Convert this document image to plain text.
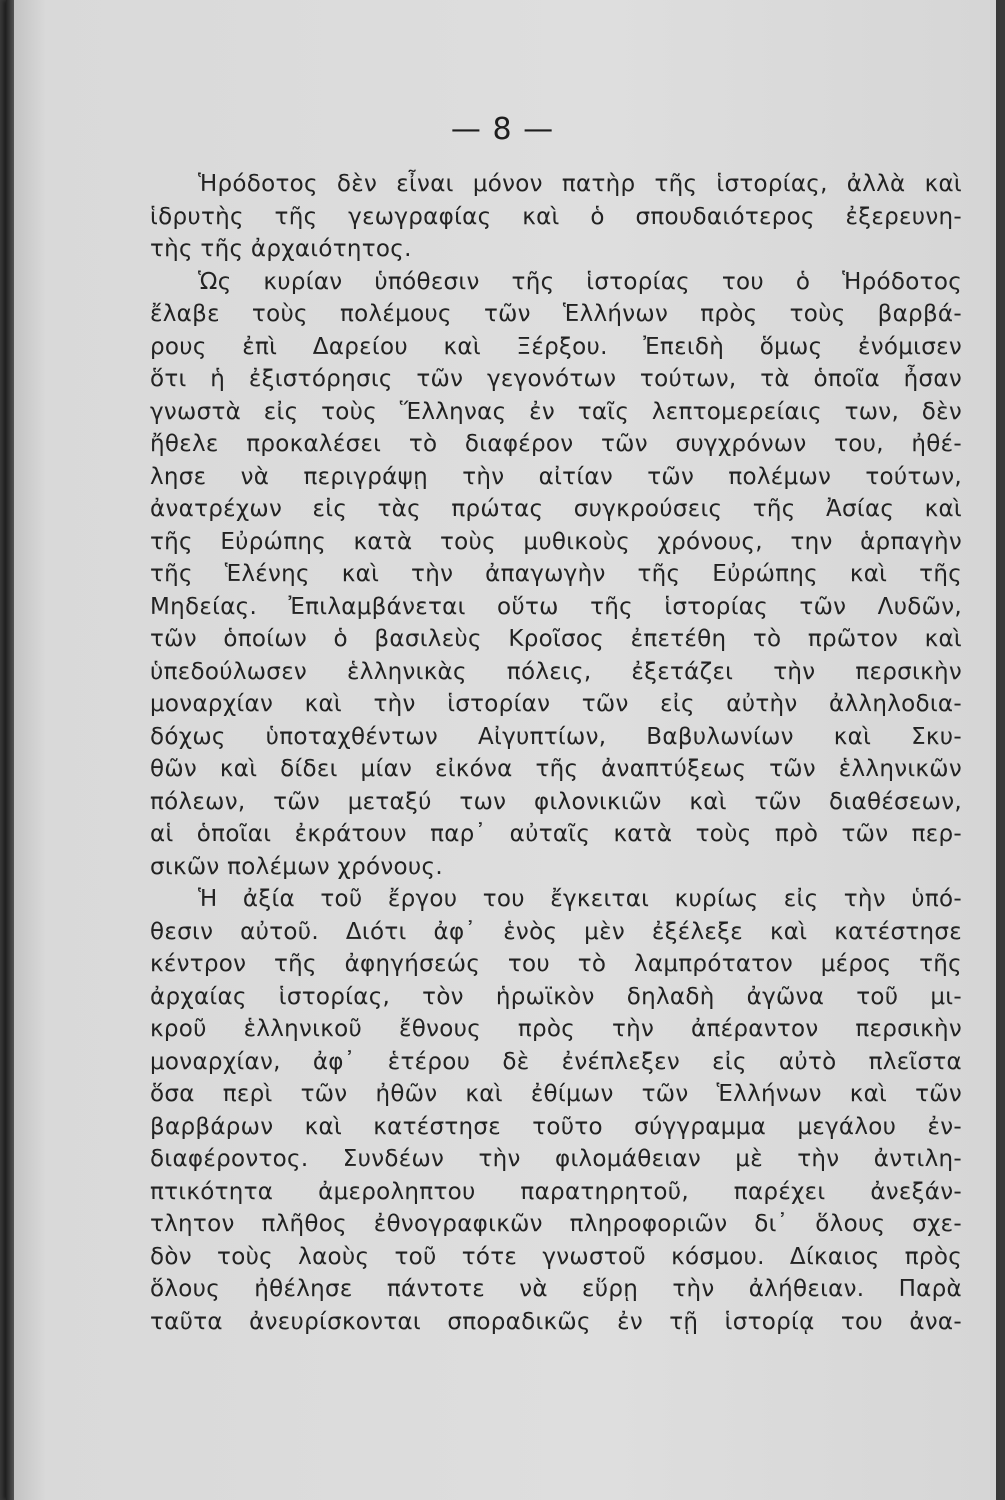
— 8 —

Ἡρόδοτος δὲν εἶναι μόνον πατὴρ τῆς ἱστορίας, ἀλλὰ καὶ
ἱδρυτὴς τῆς γεωγραφίας καὶ ὁ σπουδαιότερος ἐξερευνη-
τὴς τῆς ἀρχαιότητος.
Ὡς κυρίαν ὑπόθεσιν τῆς ἱστορίας του ὁ Ἡρόδοτος
ἔλαβε τοὺς πολέμους τῶν Ἑλλήνων πρὸς τοὺς βαρβά-
ρους ἐπὶ Δαρείου καὶ Ξέρξου. Ἐπειδὴ ὅμως ἐνόμισεν
ὅτι ἡ ἐξιστόρησις τῶν γεγονότων τούτων, τὰ ὁποῖα ἦσαν
γνωστὰ εἰς τοὺς Ἕλληνας ἐν ταῖς λεπτομερείαις των, δὲν
ἤθελε προκαλέσει τὸ διαφέρον τῶν συγχρόνων του, ἠθέ-
λησε νὰ περιγράψῃ τὴν αἰτίαν τῶν πολέμων τούτων,
ἀνατρέχων εἰς τὰς πρώτας συγκρούσεις τῆς Ἀσίας καὶ
τῆς Εὐρώπης κατὰ τοὺς μυθικοὺς χρόνους, την ἁρπαγὴν
τῆς Ἑλένης καὶ τὴν ἀπαγωγὴν τῆς Εὐρώπης καὶ τῆς
Μηδείας. Ἐπιλαμβάνεται οὕτω τῆς ἱστορίας τῶν Λυδῶν,
τῶν ὁποίων ὁ βασιλεὺς Κροῖσος ἐπετέθη τὸ πρῶτον καὶ
ὑπεδούλωσεν ἑλληνικὰς πόλεις, ἐξετάζει τὴν περσικὴν
μοναρχίαν καὶ τὴν ἱστορίαν τῶν εἰς αὐτὴν ἀλληλοδια-
δόχως ὑποταχθέντων Αἰγυπτίων, Βαβυλωνίων καὶ Σκυ-
θῶν καὶ δίδει μίαν εἰκόνα τῆς ἀναπτύξεως τῶν ἑλληνικῶν
πόλεων, τῶν μεταξύ των φιλονικιῶν καὶ τῶν διαθέσεων,
αἱ ὁποῖαι ἐκράτουν παρ᾿ αὐταῖς κατὰ τοὺς πρὸ τῶν περ-
σικῶν πολέμων χρόνους.
Ἡ ἀξία τοῦ ἔργου του ἔγκειται κυρίως εἰς τὴν ὑπό-
θεσιν αὐτοῦ. Διότι ἀφ᾿ ἑνὸς μὲν ἐξέλεξε καὶ κατέστησε
κέντρον τῆς ἀφηγήσεώς του τὸ λαμπρότατον μέρος τῆς
ἀρχαίας ἱστορίας, τὸν ἡρωϊκὸν δηλαδὴ ἀγῶνα τοῦ μι-
κροῦ ἑλληνικοῦ ἔθνους πρὸς τὴν ἀπέραντον περσικὴν
μοναρχίαν, ἀφ᾿ ἑτέρου δὲ ἐνέπλεξεν εἰς αὐτὸ πλεῖστα
ὅσα περὶ τῶν ἠθῶν καὶ ἐθίμων τῶν Ἑλλήνων καὶ τῶν
βαρβάρων καὶ κατέστησε τοῦτο σύγγραμμα μεγάλου ἐν-
διαφέροντος. Συνδέων τὴν φιλομάθειαν μὲ τὴν ἀντιλη-
πτικότητα ἀμεροληπτου παρατηρητοῦ, παρέχει ἀνεξάν-
τλητον πλῆθος ἐθνογραφικῶν πληροφοριῶν δι᾿ ὅλους σχε-
δὸν τοὺς λαοὺς τοῦ τότε γνωστοῦ κόσμου. Δίκαιος πρὸς
ὅλους ἠθέλησε πάντοτε νὰ εὕρῃ τὴν ἀλήθειαν. Παρὰ
ταῦτα ἀνευρίσκονται σποραδικῶς ἐν τῇ ἱστορίᾳ του ἀνα-
